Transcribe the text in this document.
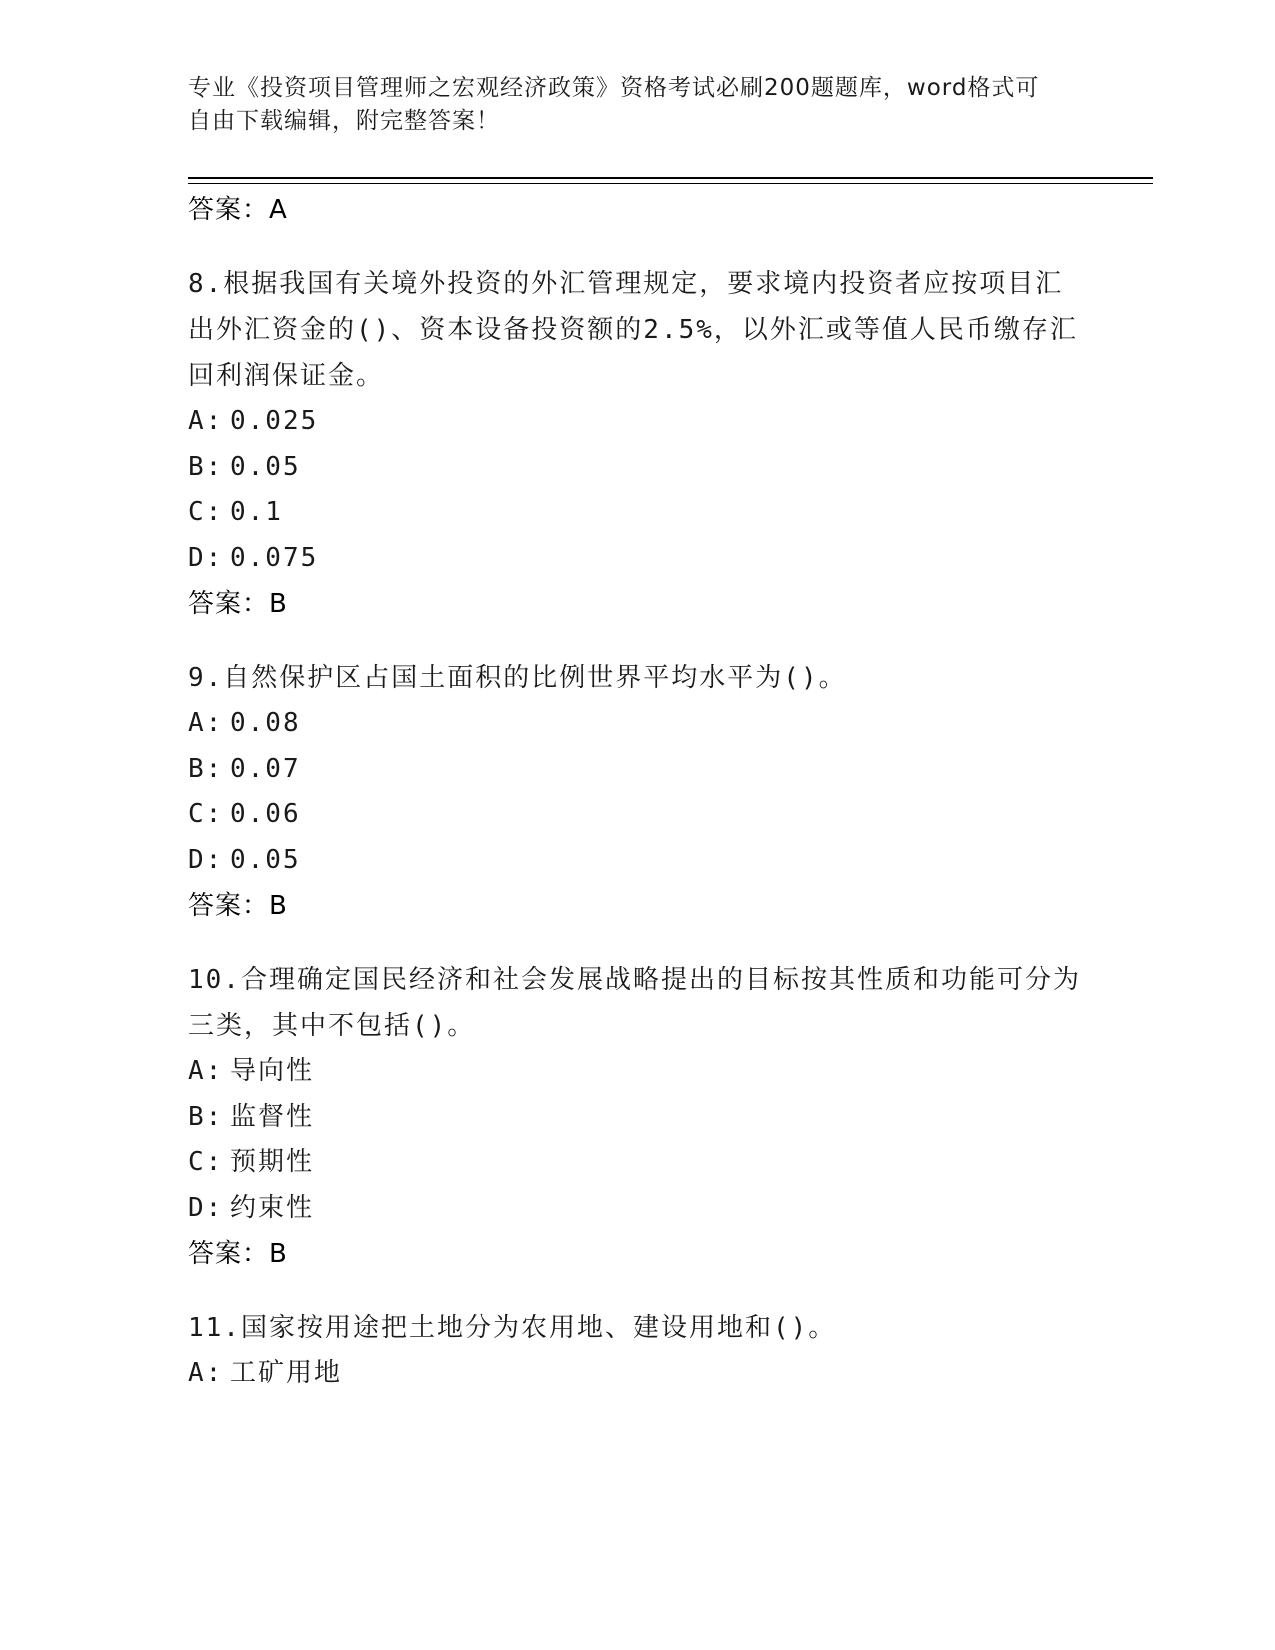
专业《投资项目管理师之宏观经济政策》资格考试必刷200题题库，word格式可
自由下载编辑，附完整答案！
答案：A
8.根据我国有关境外投资的外汇管理规定，要求境内投资者应按项目汇出外汇资金的()、资本设备投资额的2.5%，以外汇或等值人民币缴存汇回利润保证金。
A: 0.025
B: 0.05
C: 0.1
D: 0.075
答案：B
9.自然保护区占国土面积的比例世界平均水平为()。
A: 0.08
B: 0.07
C: 0.06
D: 0.05
答案：B
10.合理确定国民经济和社会发展战略提出的目标按其性质和功能可分为三类，其中不包括()。
A: 导向性
B: 监督性
C: 预期性
D: 约束性
答案：B
11.国家按用途把土地分为农用地、建设用地和()。
A: 工矿用地
